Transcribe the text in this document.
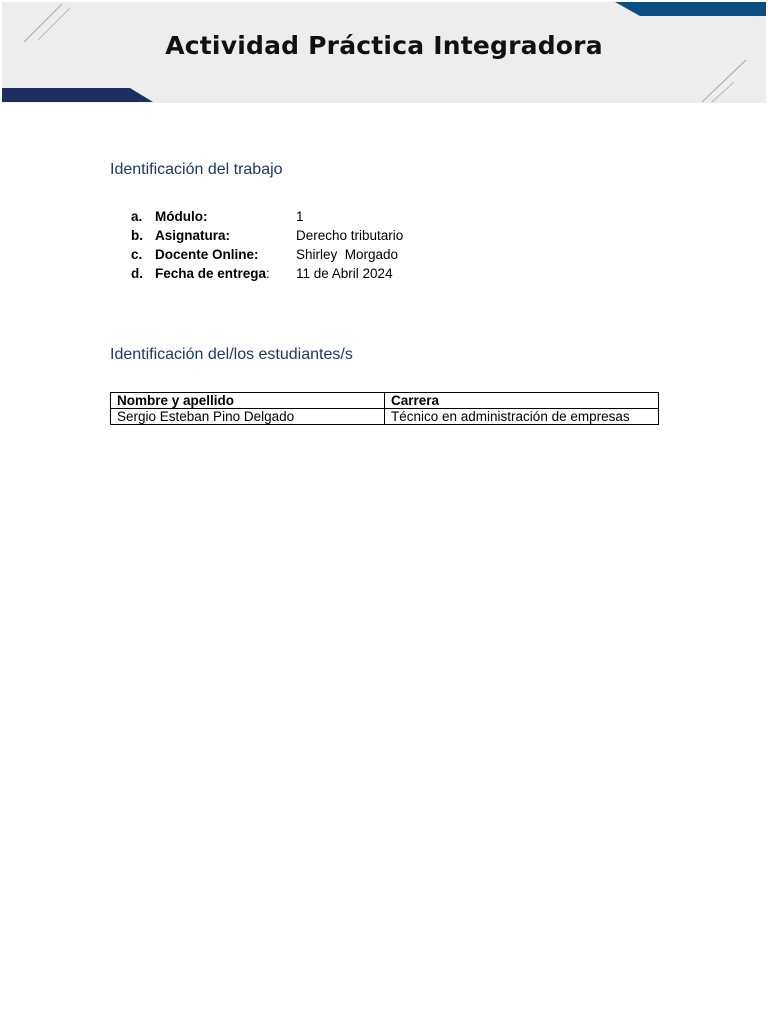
Actividad Práctica Integradora
Identificación del trabajo
a. Módulo:	1
b. Asignatura:	Derecho tributario
c. Docente Online:	Shirley  Morgado
d. Fecha de entrega:	11 de Abril 2024
Identificación del/los estudiantes/s
Nombre y apellido	Carrera
Sergio Esteban Pino Delgado	Técnico en administración de empresas
